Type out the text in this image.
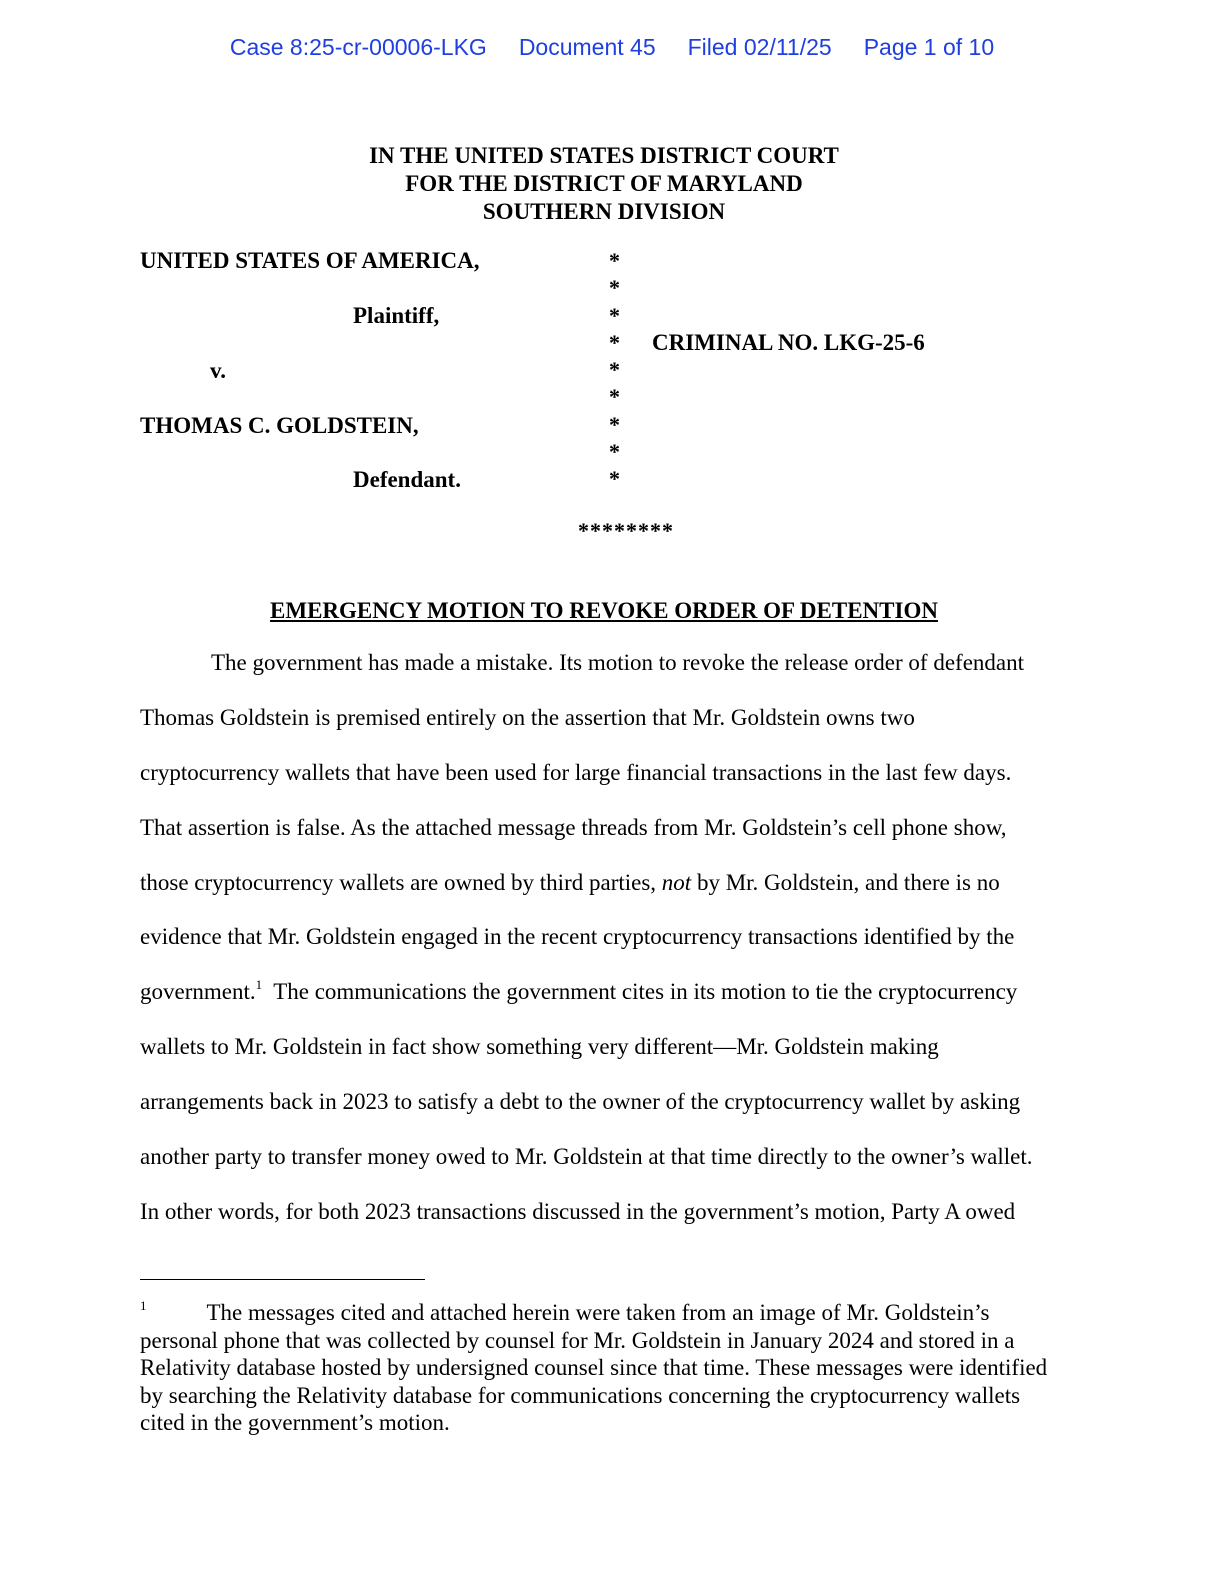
Case 8:25-cr-00006-LKG Document 45 Filed 02/11/25 Page 1 of 10
IN THE UNITED STATES DISTRICT COURT
FOR THE DISTRICT OF MARYLAND
SOUTHERN DIVISION
UNITED STATES OF AMERICA,
Plaintiff,
v.
THOMAS C. GOLDSTEIN,
Defendant.
*
*
*
*
*
*
*
*
*
CRIMINAL NO. LKG-25-6
********
EMERGENCY MOTION TO REVOKE ORDER OF DETENTION
The government has made a mistake. Its motion to revoke the release order of defendant
Thomas Goldstein is premised entirely on the assertion that Mr. Goldstein owns two
cryptocurrency wallets that have been used for large financial transactions in the last few days.
That assertion is false. As the attached message threads from Mr. Goldstein’s cell phone show,
those cryptocurrency wallets are owned by third parties, not by Mr. Goldstein, and there is no
evidence that Mr. Goldstein engaged in the recent cryptocurrency transactions identified by the
government.$^1$  The communications the government cites in its motion to tie the cryptocurrency
wallets to Mr. Goldstein in fact show something very different—Mr. Goldstein making
arrangements back in 2023 to satisfy a debt to the owner of the cryptocurrency wallet by asking
another party to transfer money owed to Mr. Goldstein at that time directly to the owner’s wallet.
In other words, for both 2023 transactions discussed in the government’s motion, Party A owed
$^1$	The messages cited and attached herein were taken from an image of Mr. Goldstein’s personal phone that was collected by counsel for Mr. Goldstein in January 2024 and stored in a Relativity database hosted by undersigned counsel since that time. These messages were identified by searching the Relativity database for communications concerning the cryptocurrency wallets cited in the government’s motion.
